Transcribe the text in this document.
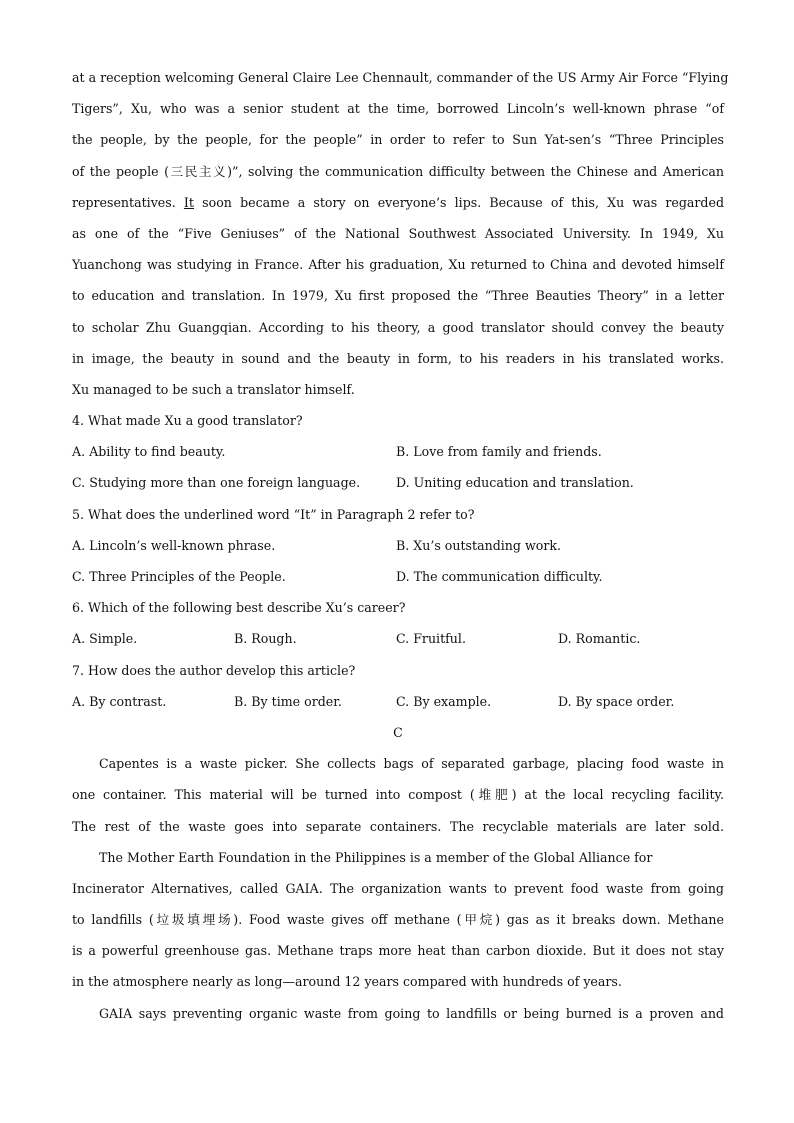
at a reception welcoming General Claire Lee Chennault, commander of the US Army Air Force “Flying
Tigers”, Xu, who was a senior student at the time, borrowed Lincoln’s well-known phrase “of
the people, by the people, for the people” in order to refer to Sun Yat-sen’s “Three Principles
of the people (三民主义)”, solving the communication difficulty between the Chinese and American
representatives. It soon became a story on everyone’s lips. Because of this, Xu was regarded
as one of the “Five Geniuses” of the National Southwest Associated University. In 1949, Xu
Yuanchong was studying in France. After his graduation, Xu returned to China and devoted himself
to education and translation. In 1979, Xu first proposed the “Three Beauties Theory” in a letter
to scholar Zhu Guangqian. According to his theory, a good translator should convey the beauty
in image, the beauty in sound and the beauty in form, to his readers in his translated works.
Xu managed to be such a translator himself.
4. What made Xu a good translator?
A. Ability to find beauty.	B. Love from family and friends.
C. Studying more than one foreign language.	D. Uniting education and translation.
5. What does the underlined word “It” in Paragraph 2 refer to?
A. Lincoln’s well-known phrase.	B. Xu’s outstanding work.
C. Three Principles of the People.	D. The communication difficulty.
6. Which of the following best describe Xu’s career?
A. Simple.	B. Rough.	C. Fruitful.	D. Romantic.
7. How does the author develop this article?
A. By contrast.	B. By time order.	C. By example.	D. By space order.
C
Capentes is a waste picker. She collects bags of separated garbage, placing food waste in
one container. This material will be turned into compost (堆肥) at the local recycling facility.
The rest of the waste goes into separate containers. The recyclable materials are later sold.
The Mother Earth Foundation in the Philippines is a member of the Global Alliance for
Incinerator Alternatives, called GAIA. The organization wants to prevent food waste from going
to landfills (垃圾填埋场). Food waste gives off methane (甲烷) gas as it breaks down. Methane
is a powerful greenhouse gas. Methane traps more heat than carbon dioxide. But it does not stay
in the atmosphere nearly as long—around 12 years compared with hundreds of years.
GAIA says preventing organic waste from going to landfills or being burned is a proven and
